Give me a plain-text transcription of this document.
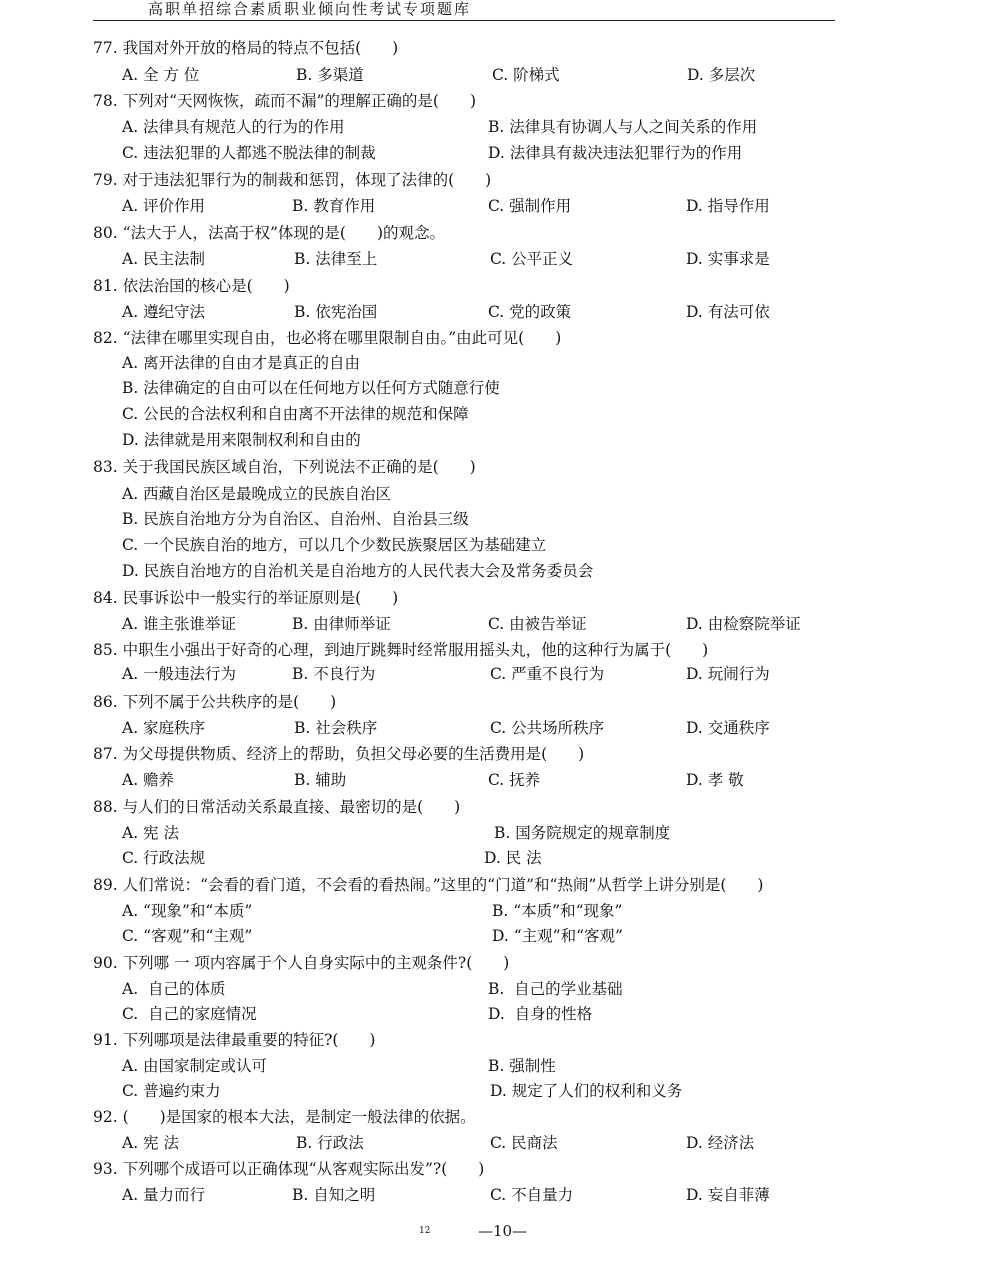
高职单招综合素质职业倾向性考试专项题库
77. 我国对外开放的格局的特点不包括(　　)
A. 全 方 位	B. 多渠道	C. 阶梯式	D. 多层次
78. 下列对“天网恢恢，疏而不漏”的理解正确的是(　　)
A. 法律具有规范人的行为的作用	B. 法律具有协调人与人之间关系的作用
C. 违法犯罪的人都逃不脱法律的制裁	D. 法律具有裁决违法犯罪行为的作用
79. 对于违法犯罪行为的制裁和惩罚，体现了法律的(　　)
A. 评价作用	B. 教育作用	C. 强制作用	D. 指导作用
80. “法大于人，法高于权”体现的是(　　)的观念。
A. 民主法制	B. 法律至上	C. 公平正义	D. 实事求是
81. 依法治国的核心是(　　)
A. 遵纪守法	B. 依宪治国	C. 党的政策	D. 有法可依
82. “法律在哪里实现自由，也必将在哪里限制自由。”由此可见(　　)
A. 离开法律的自由才是真正的自由
B. 法律确定的自由可以在任何地方以任何方式随意行使
C. 公民的合法权利和自由离不开法律的规范和保障
D. 法律就是用来限制权利和自由的
83. 关于我国民族区域自治，下列说法不正确的是(　　)
A. 西藏自治区是最晚成立的民族自治区
B. 民族自治地方分为自治区、自治州、自治县三级
C. 一个民族自治的地方，可以几个少数民族聚居区为基础建立
D. 民族自治地方的自治机关是自治地方的人民代表大会及常务委员会
84. 民事诉讼中一般实行的举证原则是(　　)
A. 谁主张谁举证	B. 由律师举证	C. 由被告举证	D. 由检察院举证
85. 中职生小强出于好奇的心理，到迪厅跳舞时经常服用摇头丸，他的这种行为属于(　　)
A. 一般违法行为	B. 不良行为	C. 严重不良行为	D. 玩闹行为
86. 下列不属于公共秩序的是(　　)
A. 家庭秩序	B. 社会秩序	C. 公共场所秩序	D. 交通秩序
87. 为父母提供物质、经济上的帮助，负担父母必要的生活费用是(　　)
A. 赡养	B. 辅助	C. 抚养	D. 孝 敬
88. 与人们的日常活动关系最直接、最密切的是(　　)
A. 宪 法	B. 国务院规定的规章制度
C. 行政法规	D. 民 法
89. 人们常说：“会看的看门道，不会看的看热闹。”这里的“门道”和“热闹”从哲学上讲分别是(　　)
A. “现象”和“本质”	B. “本质”和“现象”
C. “客观”和“主观”	D. “主观”和“客观”
90. 下列哪 一 项内容属于个人自身实际中的主观条件?(　　)
A.  自己的体质	B.  自己的学业基础
C.  自己的家庭情况	D.  自身的性格
91. 下列哪项是法律最重要的特征?(　　)
A. 由国家制定或认可	B. 强制性
C. 普遍约束力	D. 规定了人们的权利和义务
92. (　　)是国家的根本大法，是制定一般法律的依据。
A. 宪 法	B. 行政法	C. 民商法	D. 经济法
93. 下列哪个成语可以正确体现“从客观实际出发”?(　　)
A. 量力而行	B. 自知之明	C. 不自量力	D. 妄自菲薄
12	—10—
